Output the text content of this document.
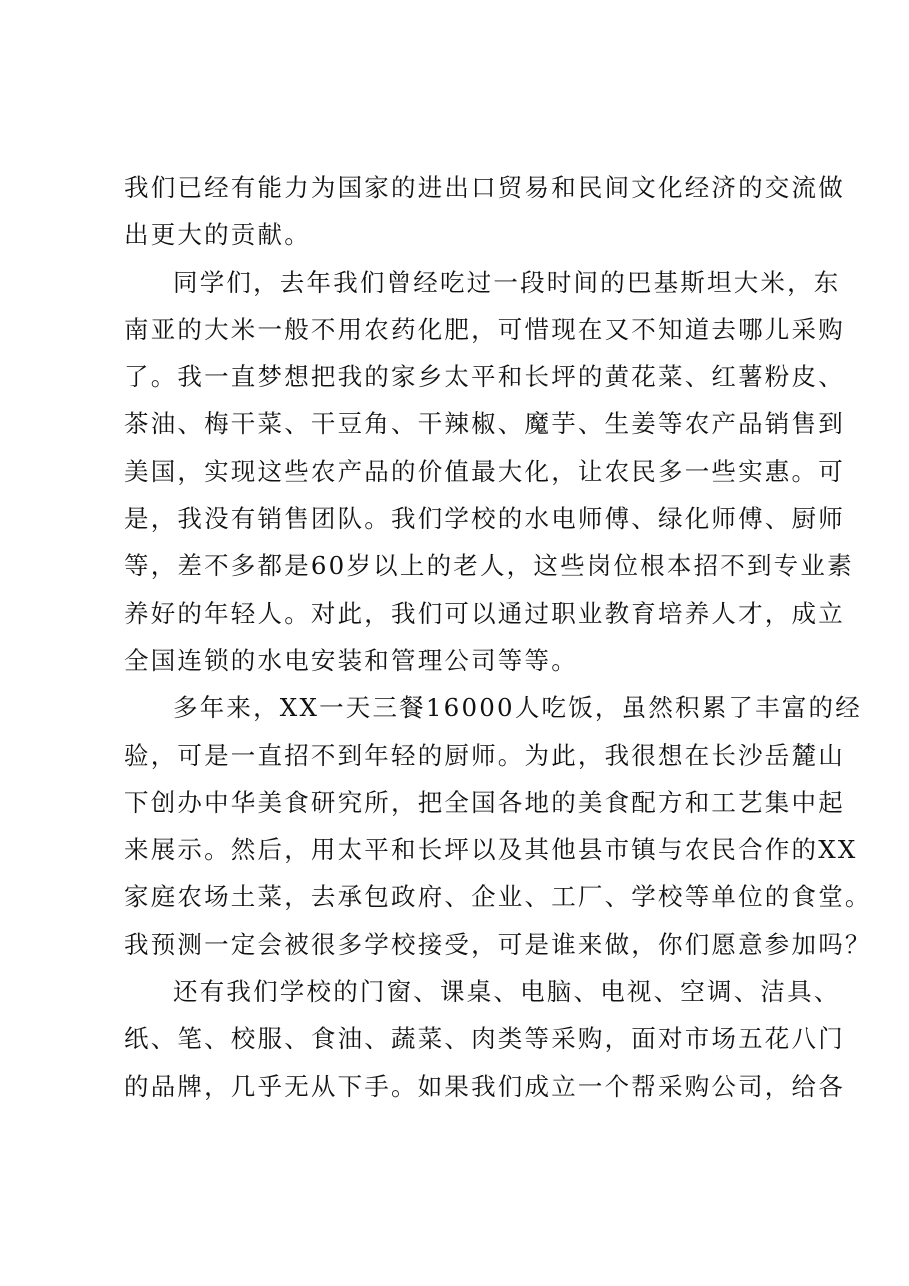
我们已经有能力为国家的进出口贸易和民间文化经济的交流做
出更大的贡献。
同学们，去年我们曾经吃过一段时间的巴基斯坦大米，东
南亚的大米一般不用农药化肥，可惜现在又不知道去哪儿采购
了。我一直梦想把我的家乡太平和长坪的黄花菜、红薯粉皮、
茶油、梅干菜、干豆角、干辣椒、魔芋、生姜等农产品销售到
美国，实现这些农产品的价值最大化，让农民多一些实惠。可
是，我没有销售团队。我们学校的水电师傅、绿化师傅、厨师
等，差不多都是60岁以上的老人，这些岗位根本招不到专业素
养好的年轻人。对此，我们可以通过职业教育培养人才，成立
全国连锁的水电安装和管理公司等等。
多年来，XX一天三餐16000人吃饭，虽然积累了丰富的经
验，可是一直招不到年轻的厨师。为此，我很想在长沙岳麓山
下创办中华美食研究所，把全国各地的美食配方和工艺集中起
来展示。然后，用太平和长坪以及其他县市镇与农民合作的XX
家庭农场土菜，去承包政府、企业、工厂、学校等单位的食堂。
我预测一定会被很多学校接受，可是谁来做，你们愿意参加吗？
还有我们学校的门窗、课桌、电脑、电视、空调、洁具、
纸、笔、校服、食油、蔬菜、肉类等采购，面对市场五花八门
的品牌，几乎无从下手。如果我们成立一个帮采购公司，给各
